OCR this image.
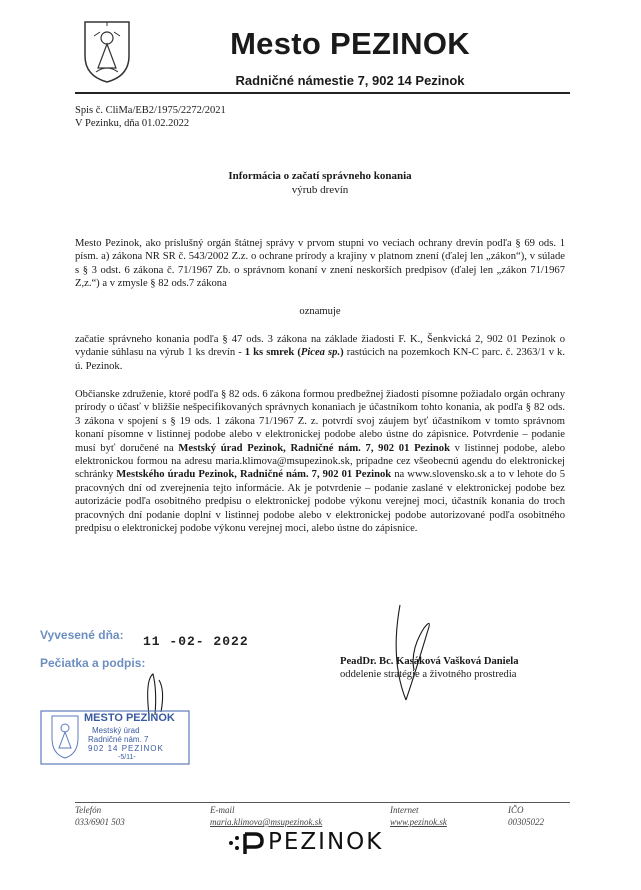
Mesto PEZINOK
Radničné námestie 7, 902 14 Pezinok
Spis č. CliMa/EB2/1975/2272/2021
V Pezinku, dňa 01.02.2022
Informácia o začatí správneho konania
výrub drevín
Mesto Pezinok, ako príslušný orgán štátnej správy v prvom stupni vo veciach ochrany drevín podľa § 69 ods. 1 písm. a) zákona NR SR č. 543/2002 Z.z. o ochrane prírody a krajiny v platnom znení (ďalej len „zákon“), v súlade s § 3 odst. 6 zákona č. 71/1967 Zb. o správnom konaní v znení neskorších predpisov (ďalej len „zákon 71/1967 Z,z.“) a v zmysle § 82 ods.7 zákona
oznamuje
začatie správneho konania podľa § 47 ods. 3 zákona na základe žiadosti F. K., Šenkvická 2, 902 01 Pezinok o vydanie súhlasu na výrub 1 ks drevín - 1 ks smrek (Picea sp.) rastúcich na pozemkoch KN-C parc. č. 2363/1 v k. ú. Pezinok.
Občianske združenie, ktoré podľa § 82 ods. 6 zákona formou predbežnej žiadosti písomne požiadalo orgán ochrany prírody o účasť v bližšie nešpecifikovaných správnych konaniach je účastníkom tohto konania, ak podľa § 82 ods. 3 zákona v spojení s § 19 ods. 1 zákona 71/1967 Z. z. potvrdí svoj záujem byť účastníkom v tomto správnom konaní písomne v listinnej podobe alebo v elektronickej podobe alebo ústne do zápisnice. Potvrdenie – podanie musí byť doručené na Mestský úrad Pezinok, Radničné nám. 7, 902 01 Pezinok v listinnej podobe, alebo elektronickou formou na adresu maria.klimova@msupezinok.sk, prípadne cez všeobecnú agendu do elektronickej schránky Mestského úradu Pezinok, Radničné nám. 7, 902 01 Pezinok na www.slovensko.sk a to v lehote do 5 pracovných dní od zverejnenia tejto informácie. Ak je potvrdenie – podanie zaslané v elektronickej podobe bez autorizácie podľa osobitného predpisu o elektronickej podobe výkonu verejnej moci, účastník konania do troch pracovných dní podanie doplní v listinnej podobe alebo v elektronickej podobe autorizované podľa osobitného predpisu o elektronickej podobe výkonu verejnej moci, alebo ústne do zápisnice.
Vyvesené dňa: 11 -02- 2022
Pečiatka a podpis:	PeadDr. Bc. Kasáková Vašková Daniela
oddelenie stratégie a životného prostredia
MESTO PEZINOK
Mestský úrad
Radničné nám. 7
902 14 PEZINOK
-5/11-
Telefón
033/6901 503
E-mail
maria.klimova@msupezinok.sk
Internet
www.pezinok.sk
IČO
00305022
PEZINOK
